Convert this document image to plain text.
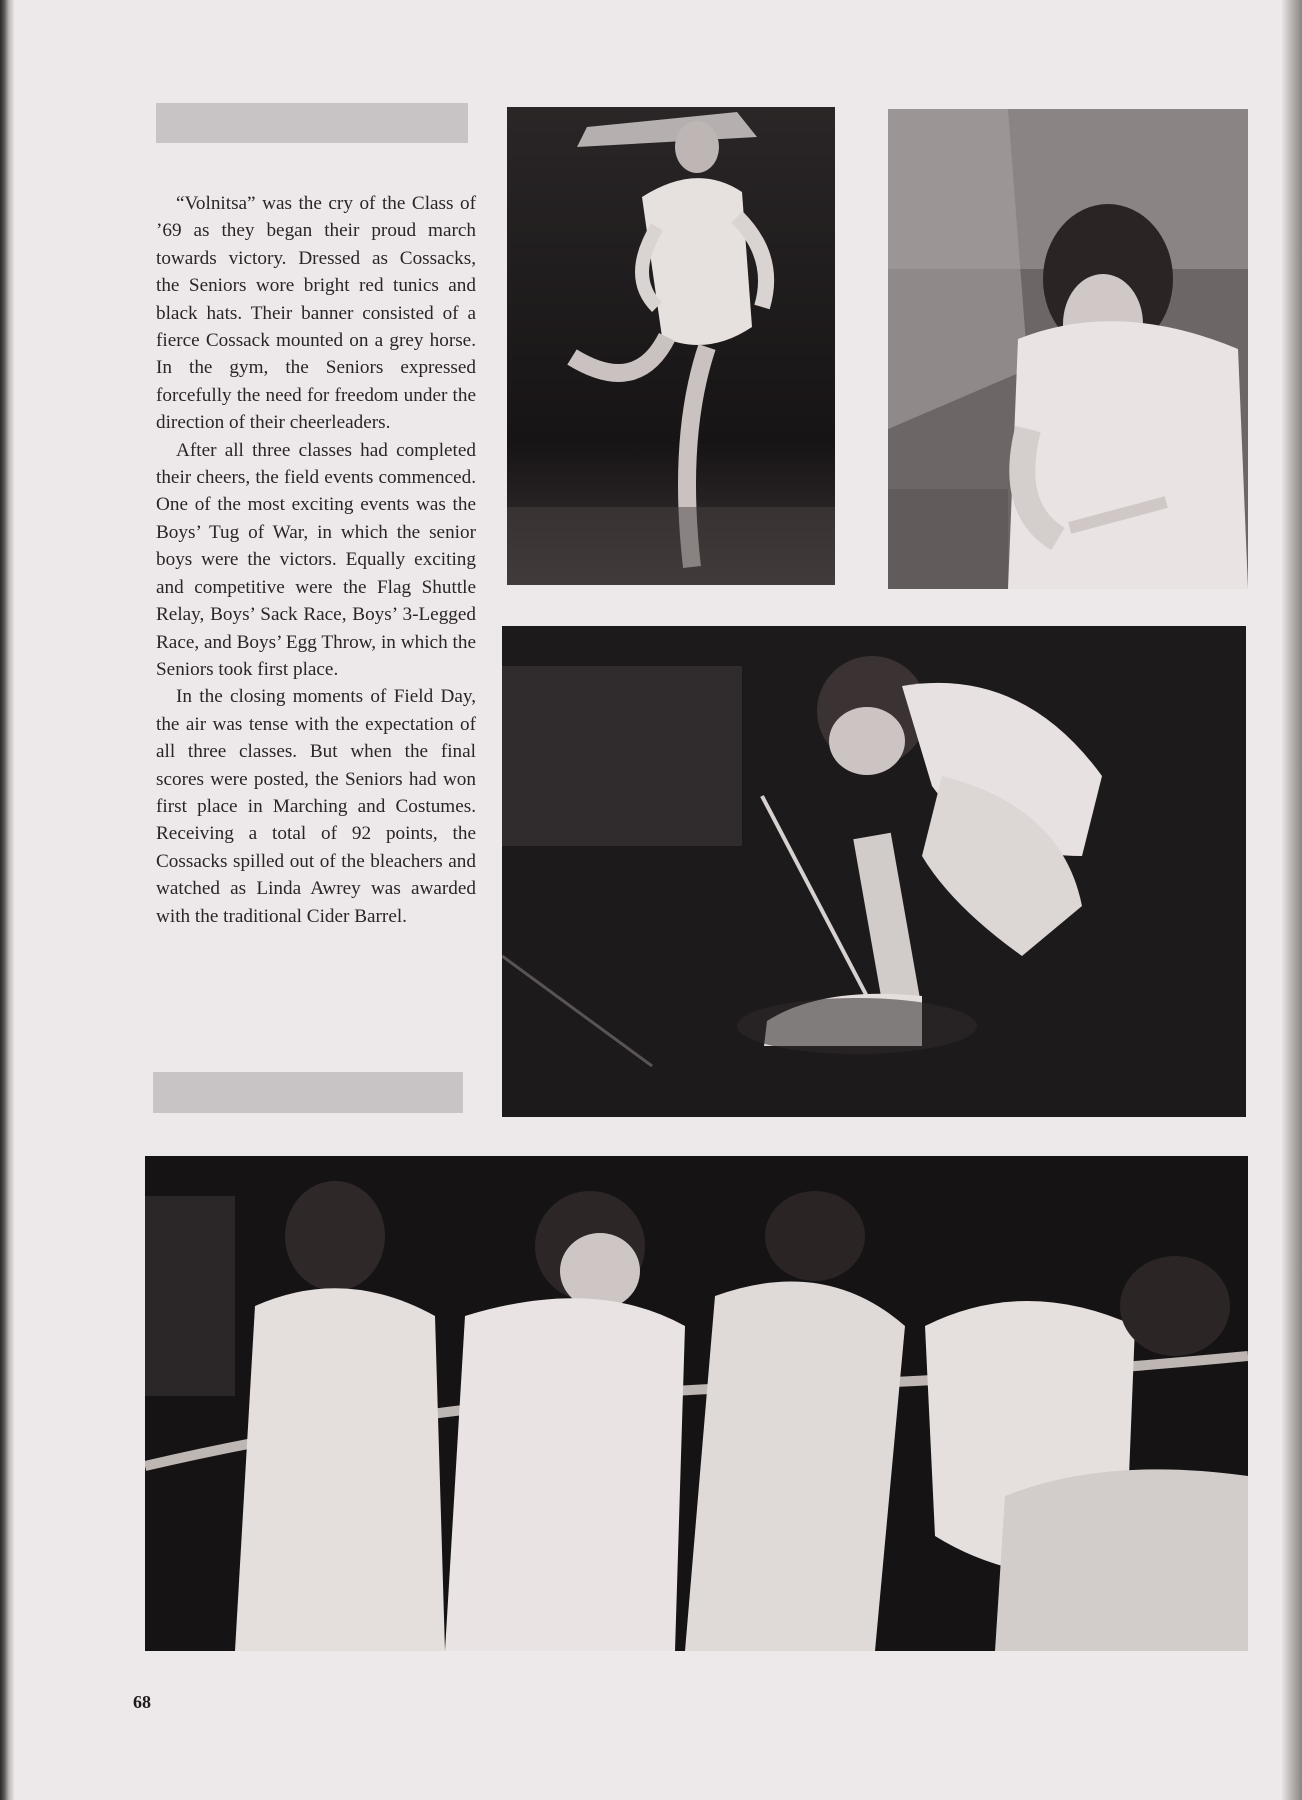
“Volnitsa” was the cry of the Class of ’69 as they began their proud march towards victory. Dressed as Cossacks, the Seniors wore bright red tunics and black hats. Their banner consisted of a fierce Cossack mounted on a grey horse. In the gym, the Seniors expressed forcefully the need for freedom under the direction of their cheerleaders.

After all three classes had completed their cheers, the field events commenced. One of the most exciting events was the Boys’ Tug of War, in which the senior boys were the victors. Equally exciting and competitive were the Flag Shuttle Relay, Boys’ Sack Race, Boys’ 3-Legged Race, and Boys’ Egg Throw, in which the Seniors took first place.

In the closing moments of Field Day, the air was tense with the expectation of all three classes. But when the final scores were posted, the Seniors had won first place in Marching and Costumes. Receiving a total of 92 points, the Cossacks spilled out of the bleachers and watched as Linda Awrey was awarded with the traditional Cider Barrel.

68
